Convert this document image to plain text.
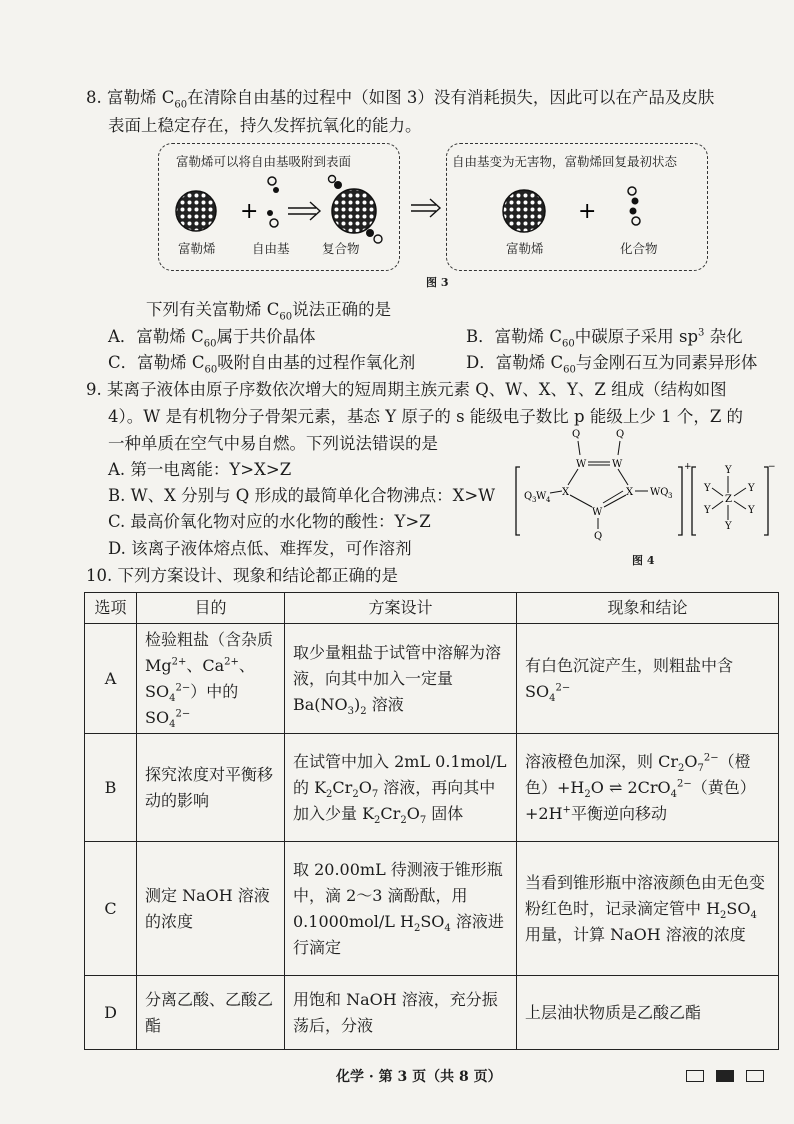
8. 富勒烯 $C_{60}$在清除自由基的过程中（如图 3）没有消耗损失，因此可以在产品及皮肤
表面上稳定存在，持久发挥抗氧化的能力。
富勒烯可以将自由基吸附到表面	自由基变为无害物，富勒烯回复最初状态
+	+
富勒烯	自由基	复合物	富勒烯	化合物
图 3
下列有关富勒烯 $C_{60}$说法正确的是
A．富勒烯 $C_{60}$属于共价晶体	B．富勒烯 $C_{60}$中碳原子采用 $sp^3$ 杂化
C．富勒烯 $C_{60}$吸附自由基的过程作氧化剂	D．富勒烯 $C_{60}$与金刚石互为同素异形体
9. 某离子液体由原子序数依次增大的短周期主族元素 Q、W、X、Y、Z 组成（结构如图
4）。W 是有机物分子骨架元素，基态 Y 原子的 s 能级电子数比 p 能级上少 1 个，Z 的
一种单质在空气中易自燃。下列说法错误的是
A. 第一电离能：Y>X>Z
B. W、X 分别与 Q 形成的最简单化合物沸点：X>W
C. 最高价氧化物对应的水化物的酸性：Y>Z
D. 该离子液体熔点低、难挥发，可作溶剂
+
Q	Q
W	W
X	X
W
Q
Q 3 W 4
WQ 3
−
Y
Y	Y
Y	Y
Y
Z
图 4
10. 下列方案设计、现象和结论都正确的是
选项	目的	方案设计	现象和结论
A	检验粗盐（含杂质 $Mg^{2+}$、$Ca^{2+}$、$SO_4^{2-}$）中的 $SO_4^{2-}$	取少量粗盐于试管中溶解为溶液，向其中加入一定量 $Ba(NO_3)_2$ 溶液	有白色沉淀产生，则粗盐中含 $SO_4^{2-}$
B	探究浓度对平衡移动的影响	在试管中加入 2mL 0.1mol/L 的 $K_2Cr_2O_7$ 溶液，再向其中加入少量 $K_2Cr_2O_7$ 固体	溶液橙色加深，则 $Cr_2O_7^{2-}$（橙色）$+H_2O$ ⇌ 2CrO$_4^{2-}$（黄色）+2H+平衡逆向移动
C	测定 NaOH 溶液的浓度	取 20.00mL 待测液于锥形瓶中，滴 2～3 滴酚酞，用 0.1000mol/L $H_2SO_4$ 溶液进行滴定	当看到锥形瓶中溶液颜色由无色变粉红色时，记录滴定管中 $H_2SO_4$ 用量，计算 NaOH 溶液的浓度
D	分离乙酸、乙酸乙酯	用饱和 NaOH 溶液，充分振荡后，分液	上层油状物质是乙酸乙酯
化学 · 第 3 页（共 8 页）
